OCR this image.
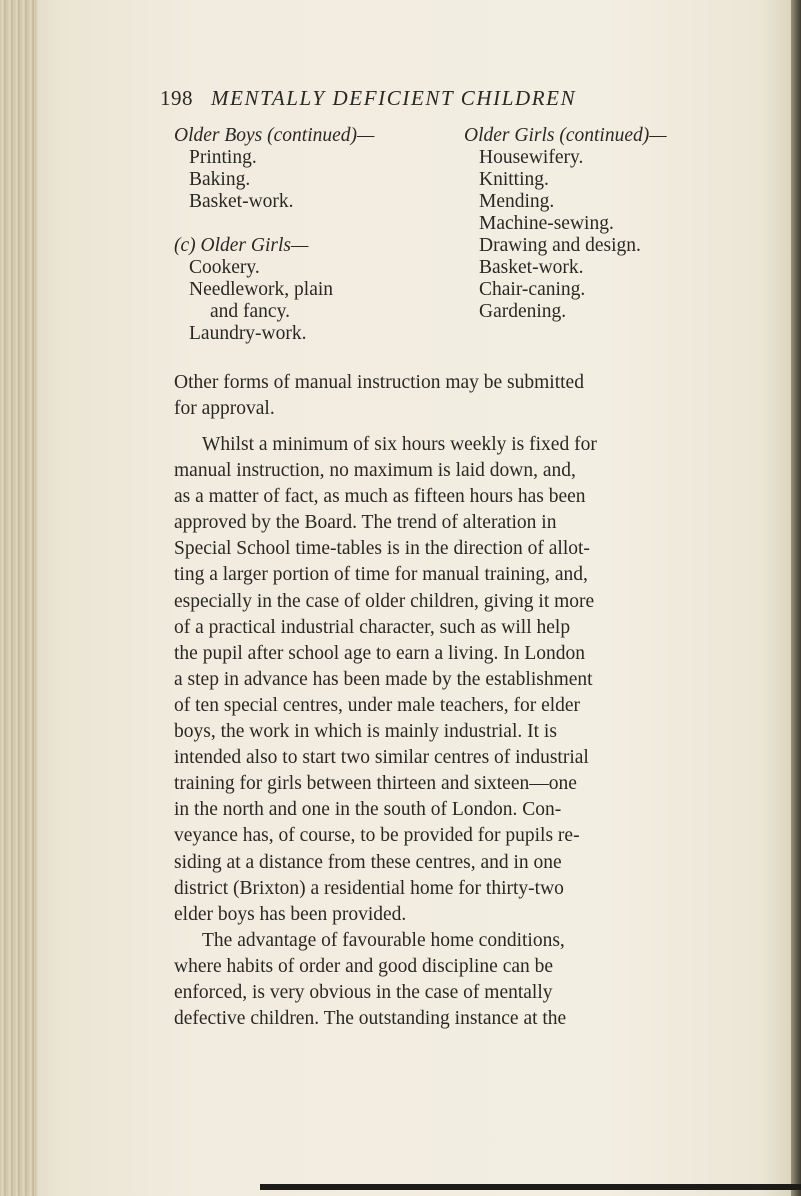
198 MENTALLY DEFICIENT CHILDREN
Older Boys (continued)—
Printing.
Baking.
Basket-work.
(c) Older Girls—
Cookery.
Needlework, plain
and fancy.
Laundry-work.
Older Girls (continued)—
Housewifery.
Knitting.
Mending.
Machine-sewing.
Drawing and design.
Basket-work.
Chair-caning.
Gardening.
Other forms of manual instruction may be submitted
for approval.
Whilst a minimum of six hours weekly is fixed for
manual instruction, no maximum is laid down, and,
as a matter of fact, as much as fifteen hours has been
approved by the Board. The trend of alteration in
Special School time-tables is in the direction of allot-
ting a larger portion of time for manual training, and,
especially in the case of older children, giving it more
of a practical industrial character, such as will help
the pupil after school age to earn a living. In London
a step in advance has been made by the establishment
of ten special centres, under male teachers, for elder
boys, the work in which is mainly industrial. It is
intended also to start two similar centres of industrial
training for girls between thirteen and sixteen—one
in the north and one in the south of London. Con-
veyance has, of course, to be provided for pupils re-
siding at a distance from these centres, and in one
district (Brixton) a residential home for thirty-two
elder boys has been provided.
The advantage of favourable home conditions,
where habits of order and good discipline can be
enforced, is very obvious in the case of mentally
defective children. The outstanding instance at the
